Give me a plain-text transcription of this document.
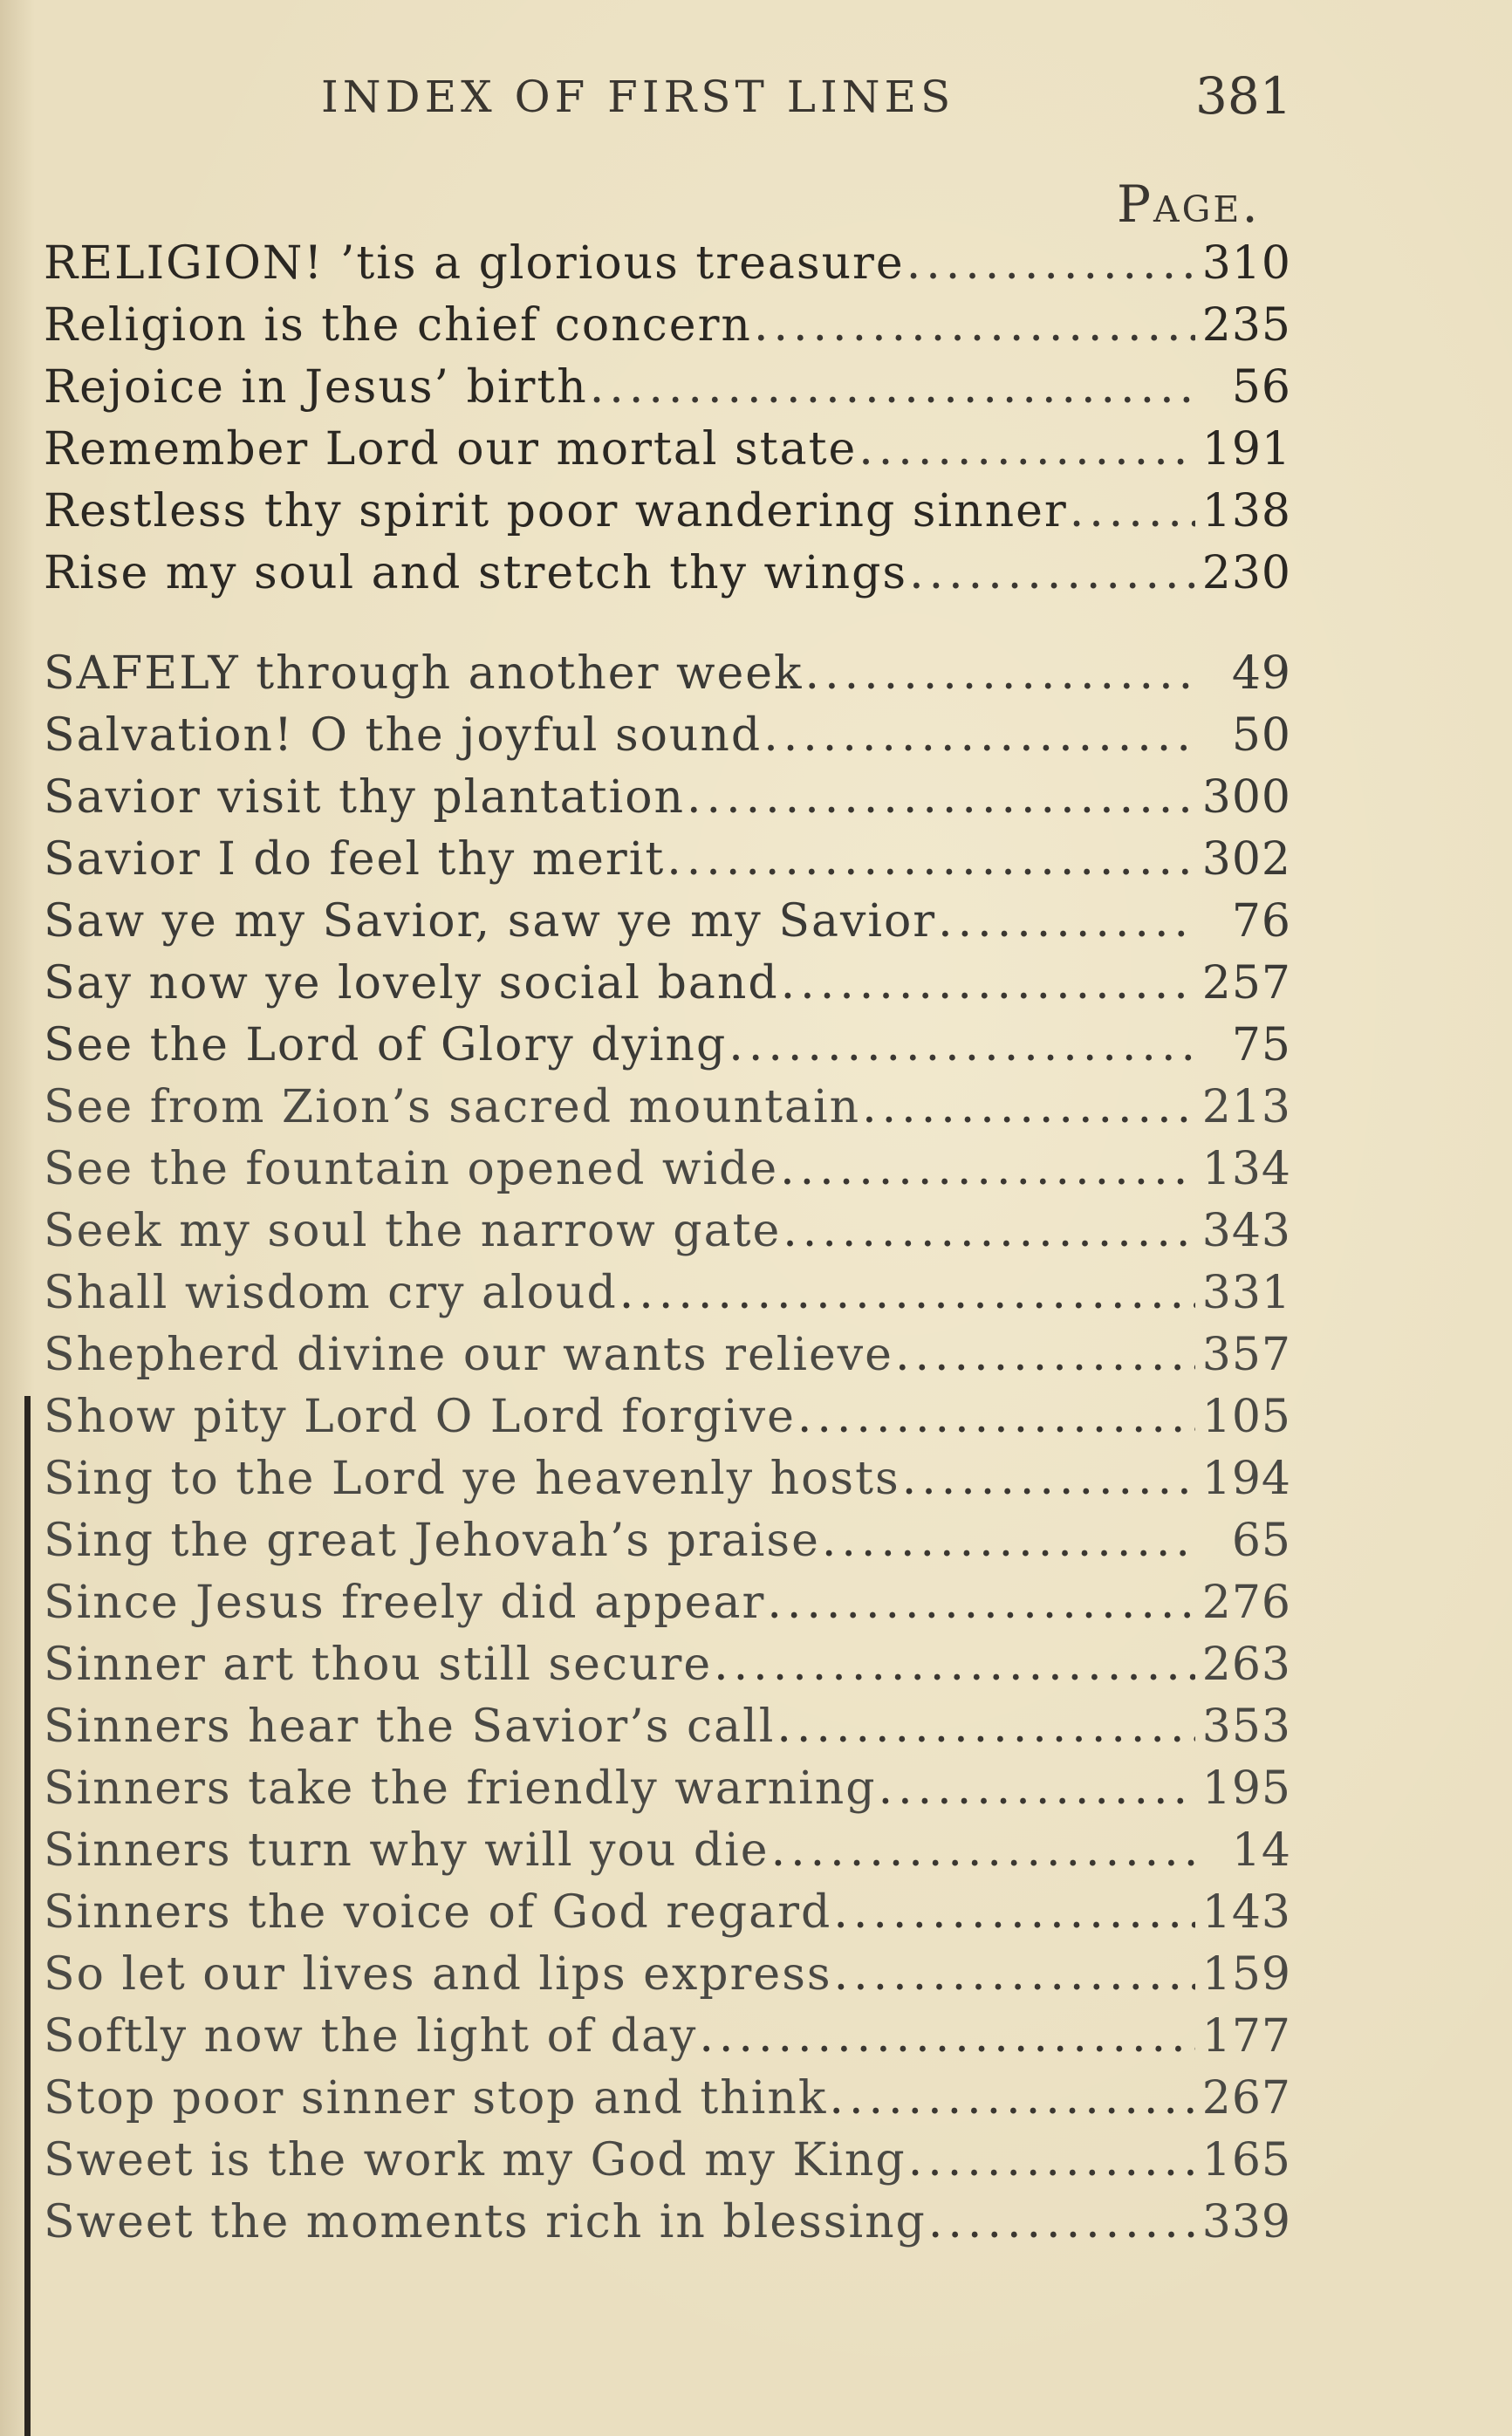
INDEX OF FIRST LINES	381
Page.
RELIGION! ’tis a glorious treasure .....	310
Religion is the chief concern .....	235
Rejoice in Jesus’ birth .....	56
Remember Lord our mortal state .....	191
Restless thy spirit poor wandering sinner .....	138
Rise my soul and stretch thy wings .....	230
SAFELY through another week .....	49
Salvation! O the joyful sound .....	50
Savior visit thy plantation .....	300
Savior I do feel thy merit .....	302
Saw ye my Savior, saw ye my Savior .....	76
Say now ye lovely social band .....	257
See the Lord of Glory dying .....	75
See from Zion’s sacred mountain .....	213
See the fountain opened wide .....	134
Seek my soul the narrow gate .....	343
Shall wisdom cry aloud .....	331
Shepherd divine our wants relieve .....	357
Show pity Lord O Lord forgive .....	105
Sing to the Lord ye heavenly hosts .....	194
Sing the great Jehovah’s praise .....	65
Since Jesus freely did appear .....	276
Sinner art thou still secure .....	263
Sinners hear the Savior’s call .....	353
Sinners take the friendly warning .....	195
Sinners turn why will you die .....	14
Sinners the voice of God regard .....	143
So let our lives and lips express .....	159
Softly now the light of day .....	177
Stop poor sinner stop and think .....	267
Sweet is the work my God my King .....	165
Sweet the moments rich in blessing .....	339
